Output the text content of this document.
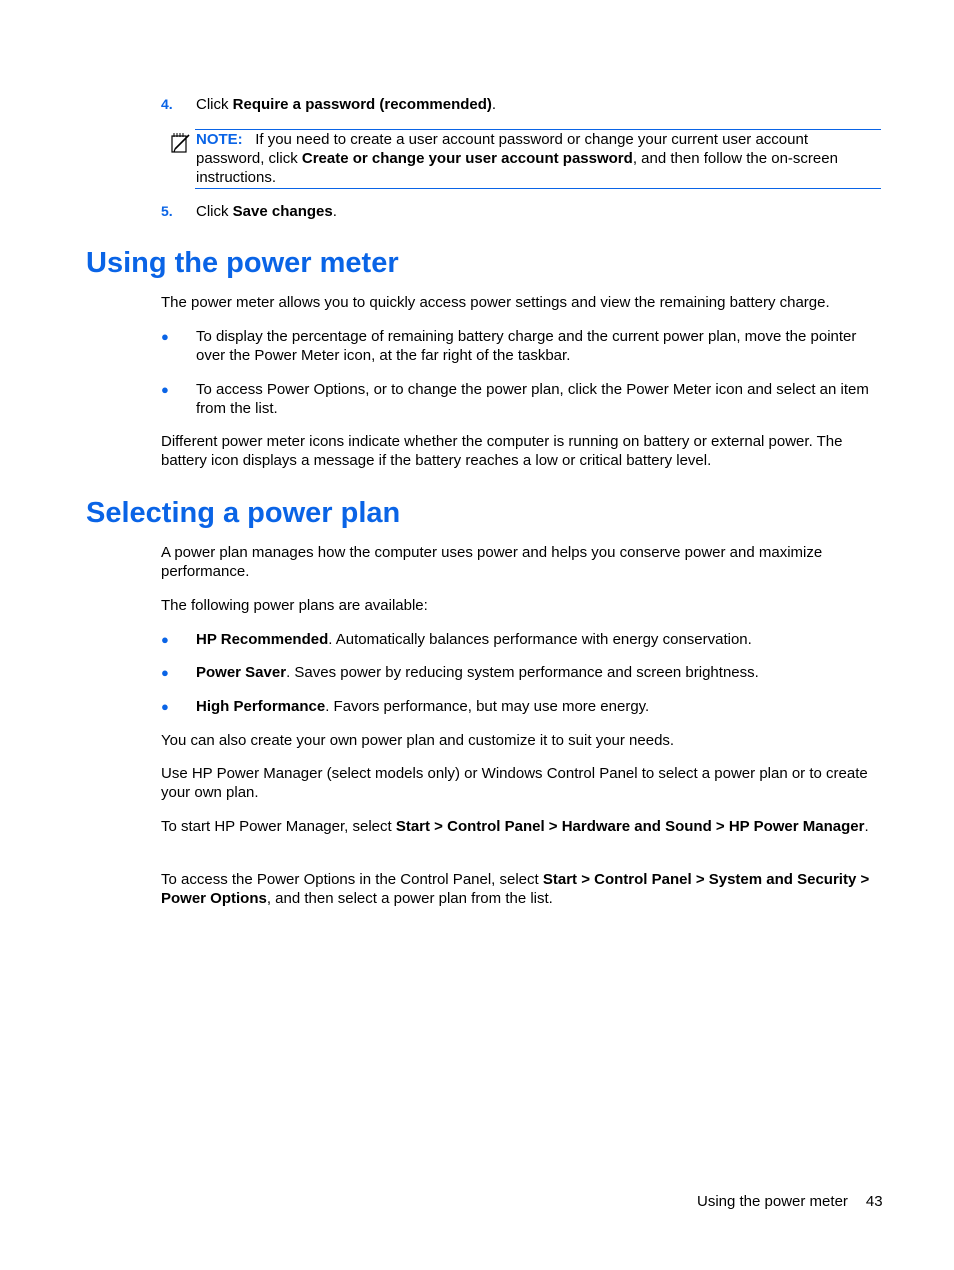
4. Click Require a password (recommended).
NOTE: If you need to create a user account password or change your current user account password, click Create or change your user account password, and then follow the on-screen instructions.
5. Click Save changes.
Using the power meter
The power meter allows you to quickly access power settings and view the remaining battery charge.
● To display the percentage of remaining battery charge and the current power plan, move the pointer over the Power Meter icon, at the far right of the taskbar.
● To access Power Options, or to change the power plan, click the Power Meter icon and select an item from the list.
Different power meter icons indicate whether the computer is running on battery or external power. The battery icon displays a message if the battery reaches a low or critical battery level.
Selecting a power plan
A power plan manages how the computer uses power and helps you conserve power and maximize performance.
The following power plans are available:
● HP Recommended. Automatically balances performance with energy conservation.
● Power Saver. Saves power by reducing system performance and screen brightness.
● High Performance. Favors performance, but may use more energy.
You can also create your own power plan and customize it to suit your needs.
Use HP Power Manager (select models only) or Windows Control Panel to select a power plan or to create your own plan.
To start HP Power Manager, select Start > Control Panel > Hardware and Sound > HP Power Manager.
To access the Power Options in the Control Panel, select Start > Control Panel > System and Security > Power Options, and then select a power plan from the list.
Using the power meter 43
